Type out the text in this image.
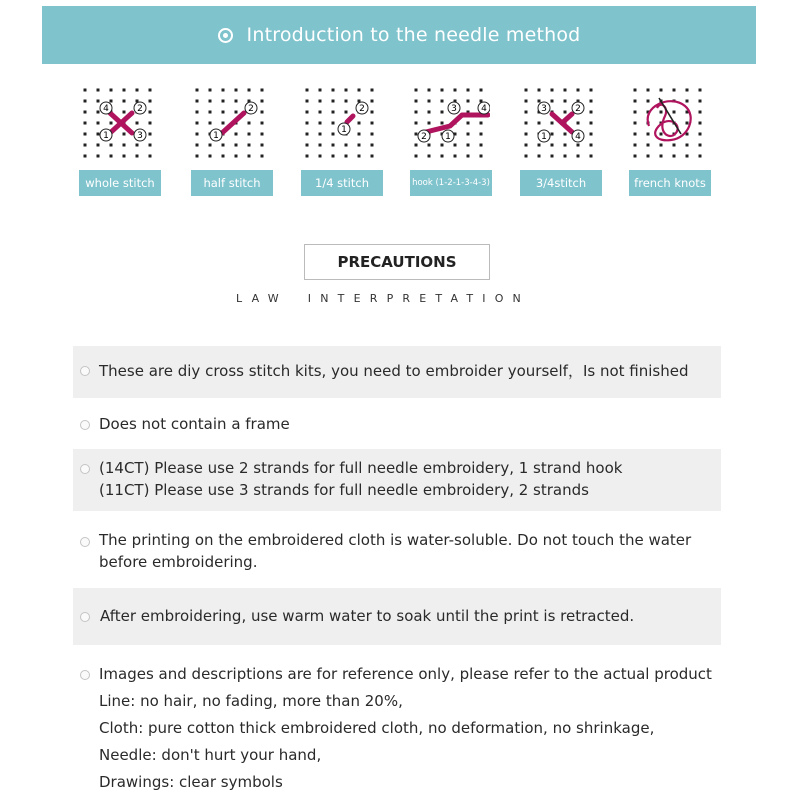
Introduction to the needle method
4	2
1	3
whole stitch
2
1
half stitch
2
1
1/4 stitch
3	4
2 1
hook (1-2-1-3-4-3)
3	2
1	4
3/4stitch	french knots
PRECAUTIONS
LAW INTERPRETATION
These are diy cross stitch kits, you need to embroider yourself，Is not finished
Does not contain a frame
(14CT) Please use 2 strands for full needle embroidery, 1 strand hook
(11CT) Please use 3 strands for full needle embroidery, 2 strands
The printing on the embroidered cloth is water-soluble. Do not touch the water
before embroidering.
After embroidering, use warm water to soak until the print is retracted.
Images and descriptions are for reference only, please refer to the actual product
Line: no hair, no fading, more than 20%,
Cloth: pure cotton thick embroidered cloth, no deformation, no shrinkage,
Needle: don't hurt your hand,
Drawings: clear symbols
